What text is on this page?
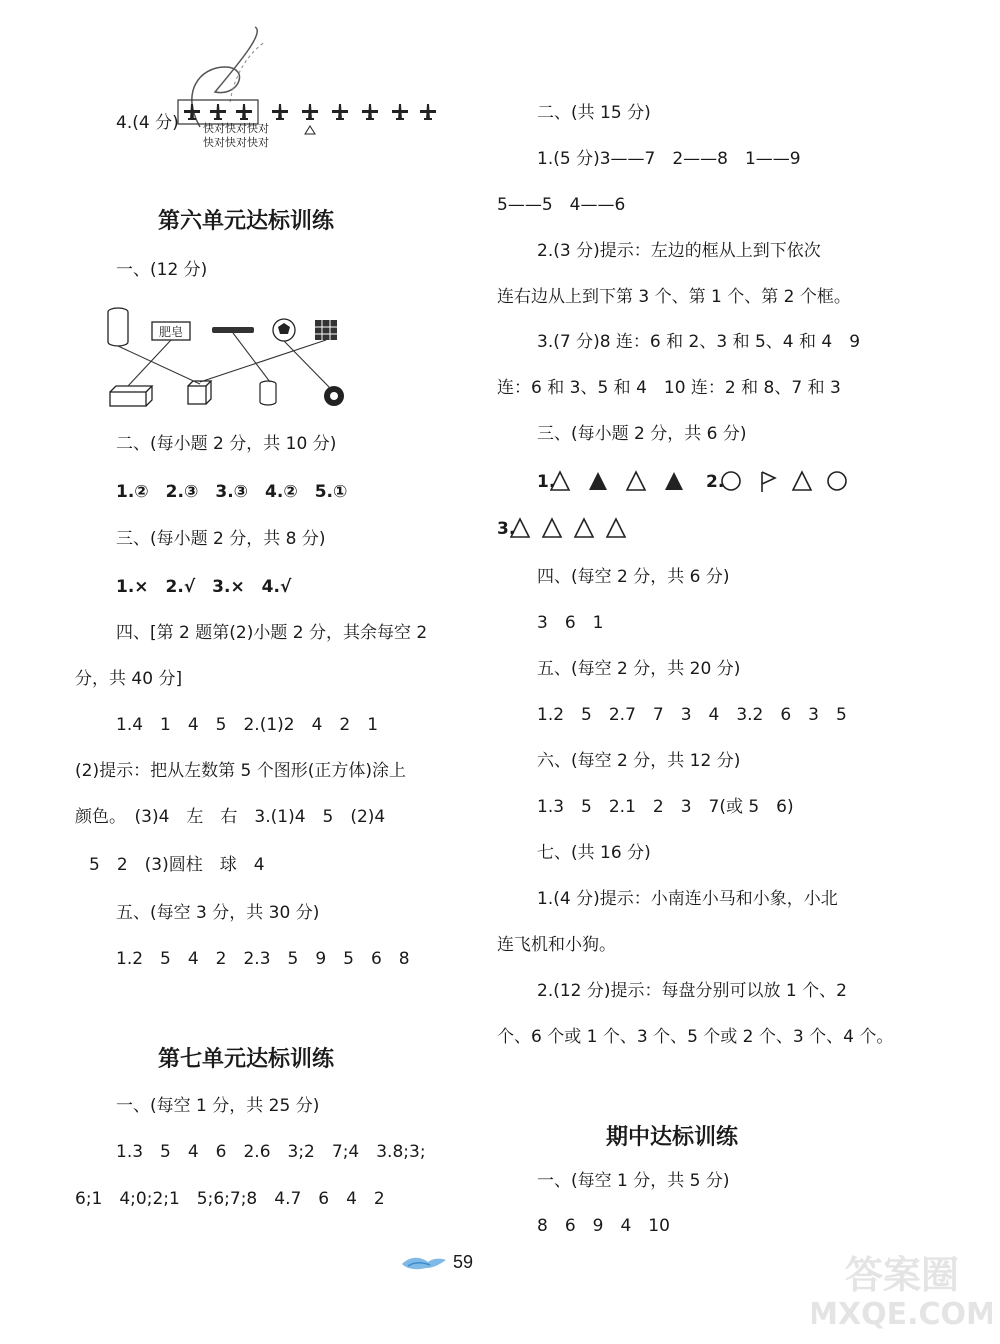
4.(4 分) 快对快对快对
快对快对快对
第六单元达标训练
一、(12 分)
肥皂
二、(每小题 2 分，共 10 分)
1.②　2.③　3.③　4.②　5.①
三、(每小题 2 分，共 8 分)
1.×　2.√　3.×　4.√
四、[第 2 题第(2)小题 2 分，其余每空 2
分，共 40 分]
1.4　1　4　5　2.(1)2　4　2　1
(2)提示：把从左数第 5 个图形(正方体)涂上
颜色。　(3)4　左　右　3.(1)4　5　(2)4
5　2　(3)圆柱　球　4
五、(每空 3 分，共 30 分)
1.2　5　4　2　2.3　5　9　5　6　8
第七单元达标训练
一、(每空 1 分，共 25 分)
1.3　5　4　6　2.6　3;2　7;4　3.8;3;
6;1　4;0;2;1　5;6;7;8　4.7　6　4　2
二、(共 15 分)
1.(5 分)3——7　2——8　1——9
5——5　4——6
2.(3 分)提示：左边的框从上到下依次
连右边从上到下第 3 个、第 1 个、第 2 个框。
3.(7 分)8 连：6 和 2、3 和 5、4 和 4　9
连：6 和 3、5 和 4　10 连：2 和 8、7 和 3
三、(每小题 2 分，共 6 分)
1.	2.
3.
四、(每空 2 分，共 6 分)
3　6　1
五、(每空 2 分，共 20 分)
1.2　5　2.7　7　3　4　3.2　6　3　5
六、(每空 2 分，共 12 分)
1.3　5　2.1　2　3　7(或 5　6)
七、(共 16 分)
1.(4 分)提示：小南连小马和小象，小北
连飞机和小狗。
2.(12 分)提示：每盘分别可以放 1 个、2
个、6 个或 1 个、3 个、5 个或 2 个、3 个、4 个。
期中达标训练
一、(每空 1 分，共 5 分)
8　6　9　4　10
59	答案圈
MXQE.COM
